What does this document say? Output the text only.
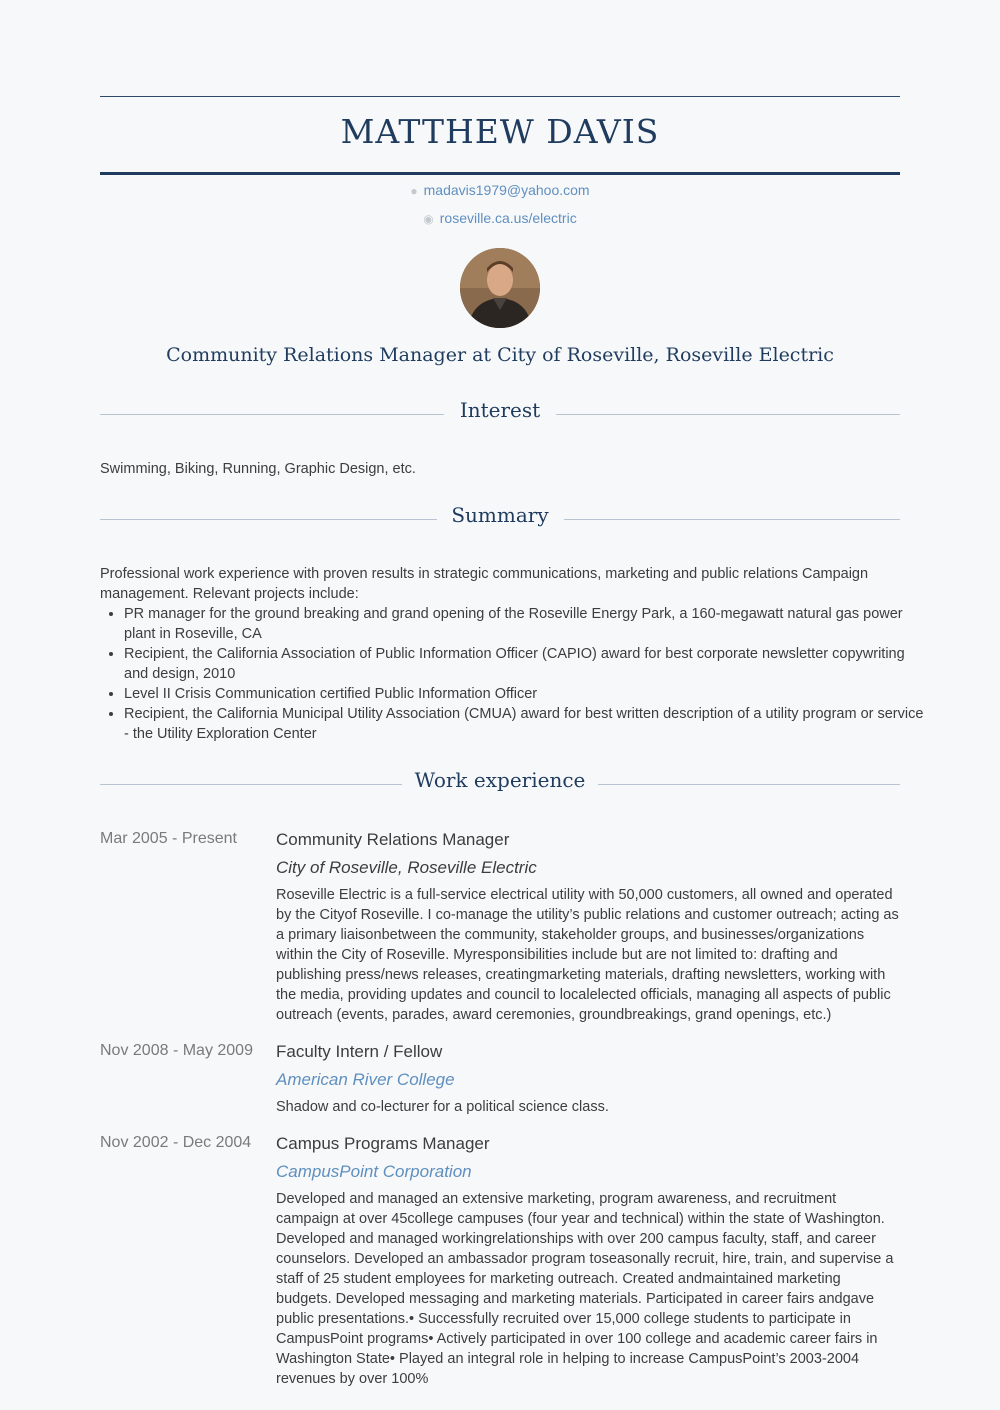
MATTHEW DAVIS
● madavis1979@yahoo.com
◉ roseville.ca.us/electric
Community Relations Manager at City of Roseville, Roseville Electric
Interest
Swimming, Biking, Running, Graphic Design, etc.
Summary
Professional work experience with proven results in strategic communications, marketing and public relations Campaign
management. Relevant projects include:
• PR manager for the ground breaking and grand opening of the Roseville Energy Park, a 160-megawatt natural gas power plant in Roseville, CA
• Recipient, the California Association of Public Information Officer (CAPIO) award for best corporate newsletter copywriting and design, 2010
• Level II Crisis Communication certified Public Information Officer
• Recipient, the California Municipal Utility Association (CMUA) award for best written description of a utility program or service - the Utility Exploration Center
Work experience
Mar 2005 - Present	Community Relations Manager
City of Roseville, Roseville Electric
Roseville Electric is a full-service electrical utility with 50,000 customers, all owned and operated by the Cityof Roseville. I co-manage the utility’s public relations and customer outreach; acting as a primary liaisonbetween the community, stakeholder groups, and businesses/organizations within the City of Roseville. Myresponsibilities include but are not limited to: drafting and publishing press/news releases, creatingmarketing materials, drafting newsletters, working with the media, providing updates and council to localelected officials, managing all aspects of public outreach (events, parades, award ceremonies, groundbreakings, grand openings, etc.)
Nov 2008 - May 2009	Faculty Intern / Fellow
American River College
Shadow and co-lecturer for a political science class.
Nov 2002 - Dec 2004	Campus Programs Manager
CampusPoint Corporation
Developed and managed an extensive marketing, program awareness, and recruitment campaign at over 45college campuses (four year and technical) within the state of Washington. Developed and managed workingrelationships with over 200 campus faculty, staff, and career counselors. Developed an ambassador program toseasonally recruit, hire, train, and supervise a staff of 25 student employees for marketing outreach. Created andmaintained marketing budgets. Developed messaging and marketing materials. Participated in career fairs andgave public presentations.• Successfully recruited over 15,000 college students to participate in CampusPoint programs• Actively participated in over 100 college and academic career fairs in Washington State• Played an integral role in helping to increase CampusPoint’s 2003-2004 revenues by over 100%
